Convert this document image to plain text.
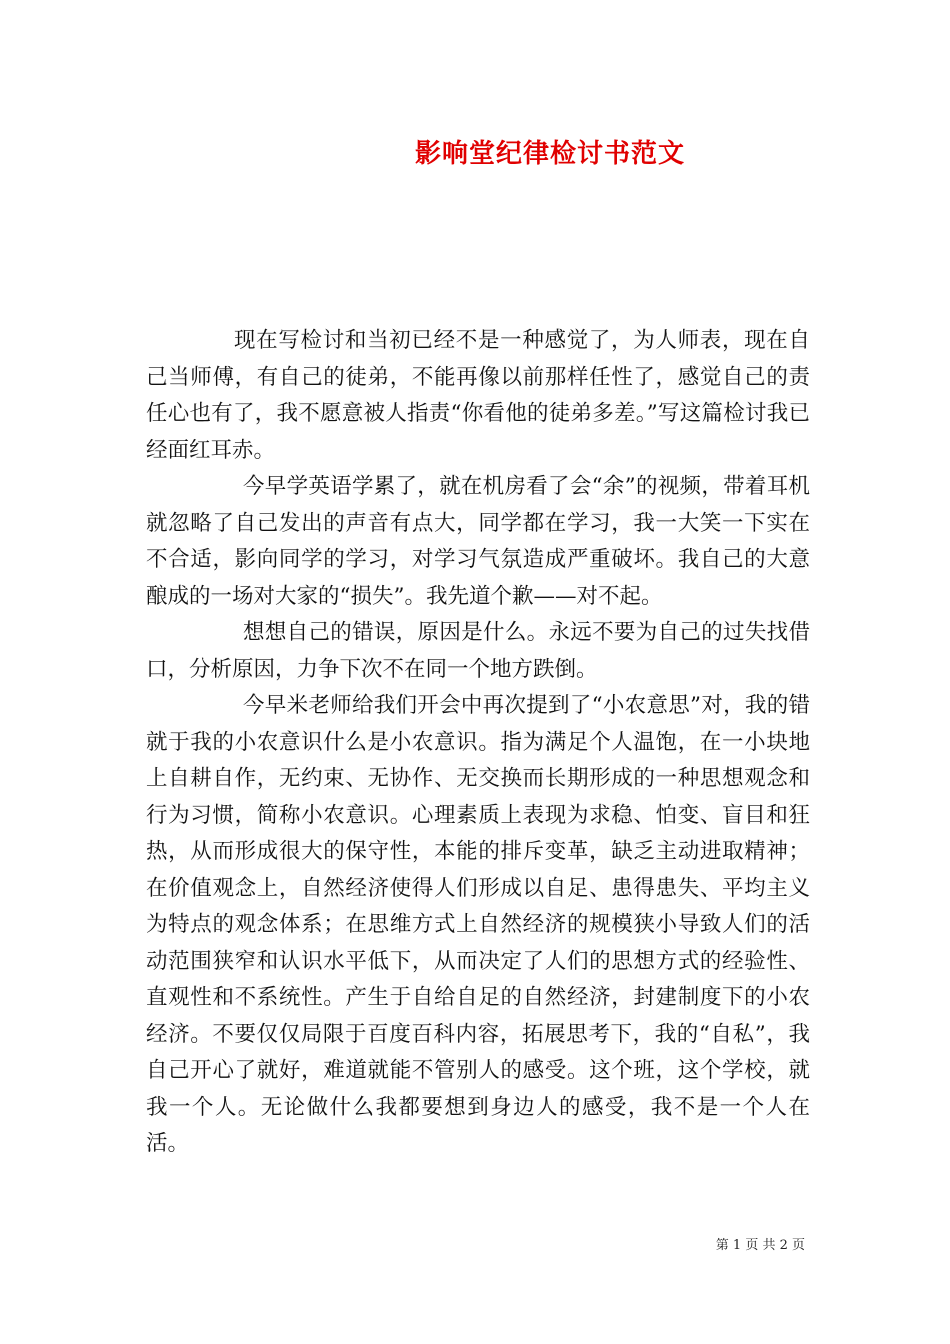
影响堂纪律检讨书范文

现在写检讨和当初已经不是一种感觉了，为人师表，现在自己当师傅，有自己的徒弟，不能再像以前那样任性了，感觉自己的责任心也有了，我不愿意被人指责“你看他的徒弟多差。”写这篇检讨我已经面红耳赤。

今早学英语学累了，就在机房看了会“余”的视频，带着耳机就忽略了自己发出的声音有点大，同学都在学习，我一大笑一下实在不合适，影向同学的学习，对学习气氛造成严重破坏。我自己的大意酿成的一场对大家的“损失”。我先道个歉——对不起。

想想自己的错误，原因是什么。永远不要为自己的过失找借口，分析原因，力争下次不在同一个地方跌倒。

今早米老师给我们开会中再次提到了“小农意思”对，我的错就于我的小农意识什么是小农意识。指为满足个人温饱，在一小块地上自耕自作，无约束、无协作、无交换而长期形成的一种思想观念和行为习惯，简称小农意识。心理素质上表现为求稳、怕变、盲目和狂热，从而形成很大的保守性，本能的排斥变革，缺乏主动进取精神；在价值观念上，自然经济使得人们形成以自足、患得患失、平均主义为特点的观念体系；在思维方式上自然经济的规模狭小导致人们的活动范围狭窄和认识水平低下，从而决定了人们的思想方式的经验性、直观性和不系统性。产生于自给自足的自然经济，封建制度下的小农经济。不要仅仅局限于百度百科内容，拓展思考下，我的“自私”，我自己开心了就好，难道就能不管别人的感受。这个班，这个学校，就我一个人。无论做什么我都要想到身边人的感受，我不是一个人在活。

第 1 页 共 2 页
